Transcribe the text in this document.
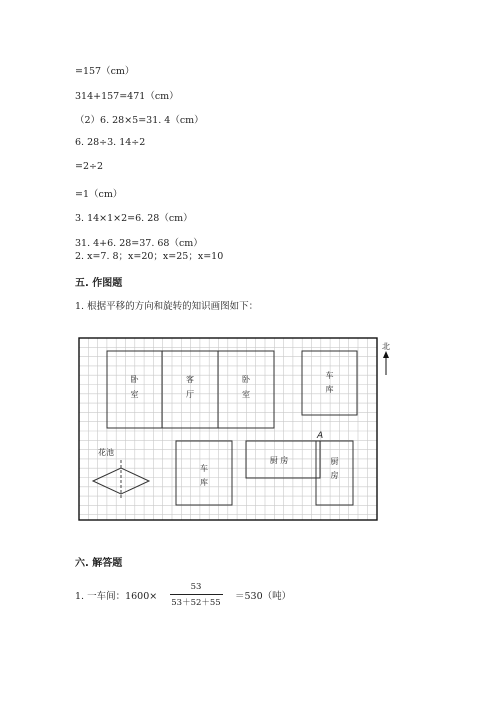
=157（cm）
314+157=471（cm）
（2）6. 28×5=31. 4（cm）
6. 28÷3. 14÷2
=2÷2
=1（cm）
3. 14×1×2=6. 28（cm）
31. 4+6. 28=37. 68（cm）
2. x=7. 8；x=20；x=25；x=10
五. 作图题
1. 根据平移的方向和旋转的知识画图如下：
卧
室
客
厅
卧
室
车
库
车
库
厨 房	厨
房
A
花池
北
六. 解答题
1. 一车间：1600×
53
53＋52＋55
＝530（吨）
